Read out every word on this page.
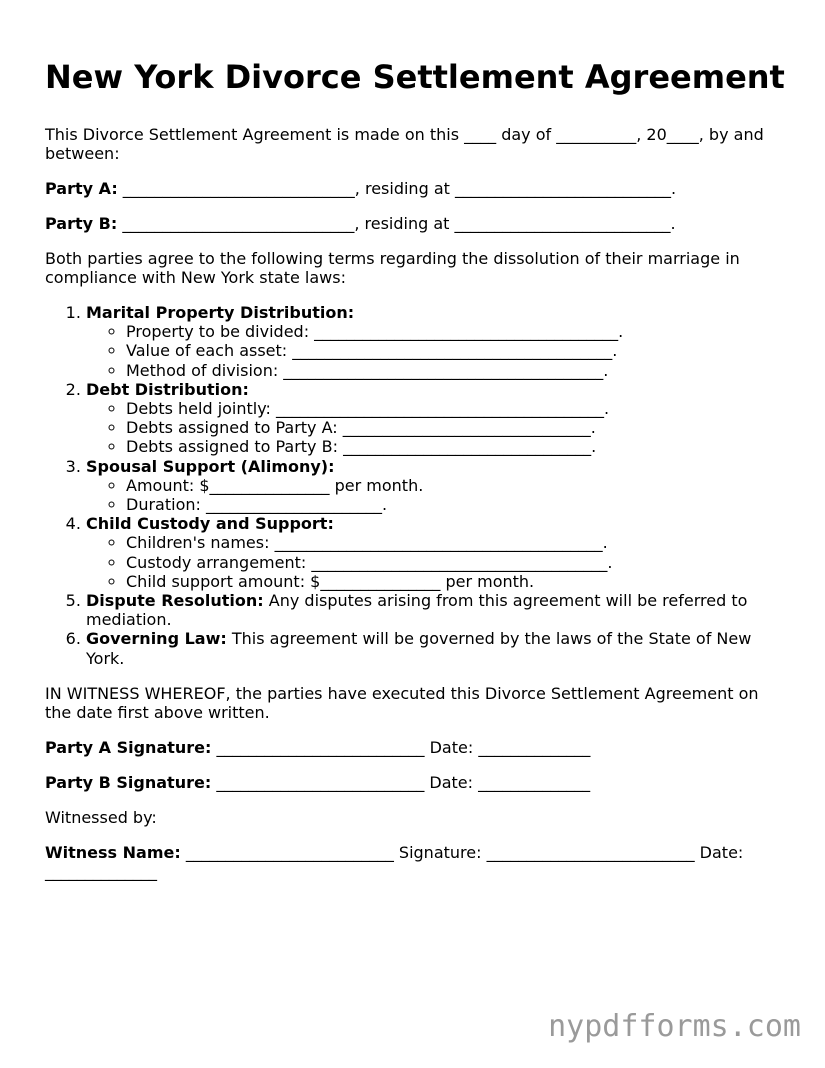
New York Divorce Settlement Agreement

This Divorce Settlement Agreement is made on this ____ day of __________, 20____, by and between:

Party A: _____________________________, residing at ___________________________.

Party B: _____________________________, residing at ___________________________.

Both parties agree to the following terms regarding the dissolution of their marriage in compliance with New York state laws:

1. Marital Property Distribution:
◦ Property to be divided: ______________________________________.
◦ Value of each asset: ________________________________________.
◦ Method of division: ________________________________________.
2. Debt Distribution:
◦ Debts held jointly: _________________________________________.
◦ Debts assigned to Party A: _______________________________.
◦ Debts assigned to Party B: _______________________________.
3. Spousal Support (Alimony):
◦ Amount: $_______________ per month.
◦ Duration: ______________________.
4. Child Custody and Support:
◦ Children's names: _________________________________________.
◦ Custody arrangement: _____________________________________.
◦ Child support amount: $_______________ per month.
5. Dispute Resolution: Any disputes arising from this agreement will be referred to mediation.
6. Governing Law: This agreement will be governed by the laws of the State of New York.

IN WITNESS WHEREOF, the parties have executed this Divorce Settlement Agreement on the date first above written.

Party A Signature: __________________________ Date: ______________

Party B Signature: __________________________ Date: ______________

Witnessed by:

Witness Name: __________________________ Signature: __________________________ Date: ______________

nypdfforms.com
